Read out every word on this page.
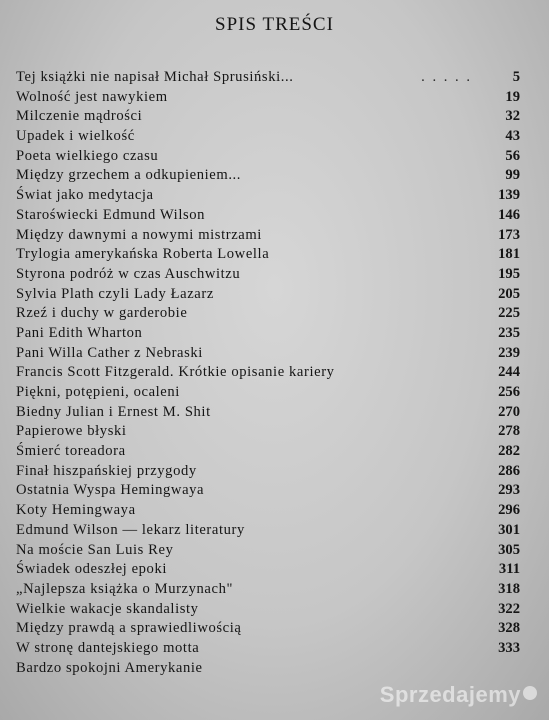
SPIS TREŚCI
Tej książki nie napisał Michał Sprusiński...	. . . . .	5
Wolność jest nawykiem	19
Milczenie mądrości	32
Upadek i wielkość	43
Poeta wielkiego czasu	56
Między grzechem a odkupieniem...	99
Świat jako medytacja	139
Staroświecki Edmund Wilson	146
Między dawnymi a nowymi mistrzami	173
Trylogia amerykańska Roberta Lowella	181
Styrona podróż w czas Auschwitzu	195
Sylvia Plath czyli Lady Łazarz	205
Rzeź i duchy w garderobie	225
Pani Edith Wharton	235
Pani Willa Cather z Nebraski	239
Francis Scott Fitzgerald. Krótkie opisanie kariery	244
Piękni, potępieni, ocaleni	256
Biedny Julian i Ernest M. Shit	270
Papierowe błyski	278
Śmierć toreadora	282
Finał hiszpańskiej przygody	286
Ostatnia Wyspa Hemingwaya	293
Koty Hemingwaya	296
Edmund Wilson — lekarz literatury	301
Na moście San Luis Rey	305
Świadek odeszłej epoki	311
„Najlepsza książka o Murzynach"	318
Wielkie wakacje skandalisty	322
Między prawdą a sprawiedliwością	328
W stronę dantejskiego motta	333
Bardzo spokojni Amerykanie
Sprzedajemy
